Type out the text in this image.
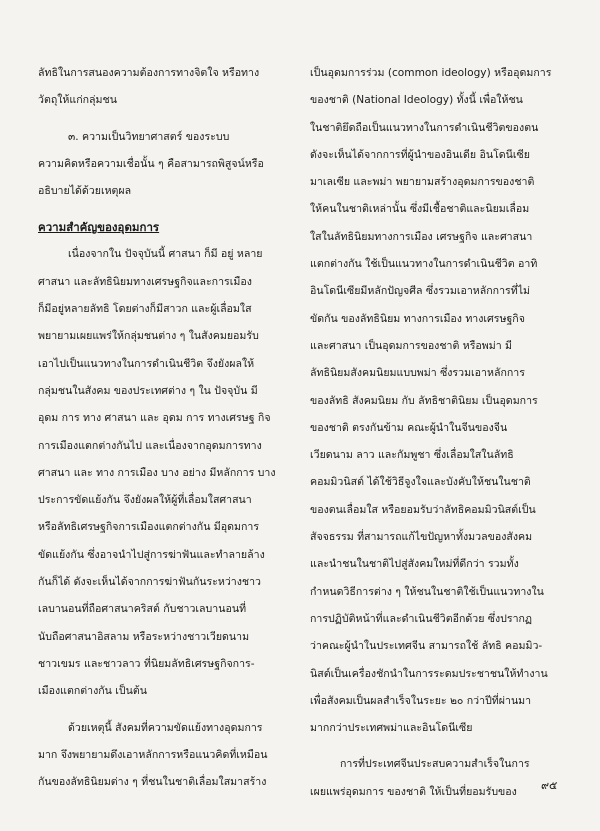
ลัทธิในการสนองความต้องการทางจิตใจ หรือทาง
วัตถุให้แก่กลุ่มชน
๓. ความเป็นวิทยาศาสตร์ ของระบบ
ความคิดหรือความเชื่อนั้น ๆ คือสามารถพิสูจน์หรือ
อธิบายได้ด้วยเหตุผล
ความสำคัญของอุดมการ
เนื่องจากใน ปัจจุบันนี้ ศาสนา ก็มี อยู่ หลาย
ศาสนา และลัทธินิยมทางเศรษฐกิจและการเมือง
ก็มีอยู่หลายลัทธิ โดยต่างก็มีสาวก และผู้เลื่อมใส
พยายามเผยแพร่ให้กลุ่มชนต่าง ๆ ในสังคมยอมรับ
เอาไปเป็นแนวทางในการดำเนินชีวิต จึงยังผลให้
กลุ่มชนในสังคม ของประเทศต่าง ๆ ใน ปัจจุบัน มี
อุดม การ ทาง ศาสนา และ อุดม การ ทางเศรษฐ กิจ
การเมืองแตกต่างกันไป และเนื่องจากอุดมการทาง
ศาสนา และ ทาง การเมือง บาง อย่าง มีหลักการ บาง
ประการขัดแย้งกัน จึงยังผลให้ผู้ที่เลื่อมใสศาสนา
หรือลัทธิเศรษฐกิจการเมืองแตกต่างกัน มีอุดมการ
ขัดแย้งกัน ซึ่งอาจนำไปสู่การฆ่าฟันและทำลายล้าง
กันก็ได้ ดังจะเห็นได้จากการฆ่าฟันกันระหว่างชาว
เลบานอนที่ถือศาสนาคริสต์ กับชาวเลบานอนที่
นับถือศาสนาอิสลาม หรือระหว่างชาวเวียดนาม
ชาวเขมร และชาวลาว ที่นิยมลัทธิเศรษฐกิจการ-
เมืองแตกต่างกัน เป็นต้น
ด้วยเหตุนี้ สังคมที่ความขัดแย้งทางอุดมการ
มาก จึงพยายามดึงเอาหลักการหรือแนวคิดที่เหมือน
กันของลัทธินิยมต่าง ๆ ที่ชนในชาติเลื่อมใสมาสร้าง
เป็นอุดมการร่วม (common ideology) หรืออุดมการ
ของชาติ (National Ideology) ทั้งนี้ เพื่อให้ชน
ในชาติยึดถือเป็นแนวทางในการดำเนินชีวิตของตน
ดังจะเห็นได้จากการที่ผู้นำของอินเดีย อินโดนีเซีย
มาเลเซีย และพม่า พยายามสร้างอุดมการของชาติ
ให้คนในชาติเหล่านั้น ซึ่งมีเชื้อชาติและนิยมเลื่อม
ใสในลัทธินิยมทางการเมือง เศรษฐกิจ และศาสนา
แตกต่างกัน ใช้เป็นแนวทางในการดำเนินชีวิต อาทิ
อินโดนีเซียมีหลักปัญจศีล ซึ่งรวมเอาหลักการที่ไม่
ขัดกัน ของลัทธินิยม ทางการเมือง ทางเศรษฐกิจ
และศาสนา เป็นอุดมการของชาติ หรือพม่า มี
ลัทธินิยมสังคมนิยมแบบพม่า ซึ่งรวมเอาหลักการ
ของลัทธิ สังคมนิยม กับ ลัทธิชาตินิยม เป็นอุดมการ
ของชาติ ตรงกันข้าม คณะผู้นำในจีนของจีน
เวียดนาม ลาว และกัมพูชา ซึ่งเลื่อมใสในลัทธิ
คอมมิวนิสต์ ได้ใช้วิธีจูงใจและบังคับให้ชนในชาติ
ของตนเลื่อมใส หรือยอมรับว่าลัทธิคอมมิวนิสต์เป็น
สัจจธรรม ที่สามารถแก้ไขปัญหาทั้งมวลของสังคม
และนำชนในชาติไปสู่สังคมใหม่ที่ดีกว่า รวมทั้ง
กำหนดวิธีการต่าง ๆ ให้ชนในชาติใช้เป็นแนวทางใน
การปฏิบัติหน้าที่และดำเนินชีวิตอีกด้วย ซึ่งปรากฏ
ว่าคณะผู้นำในประเทศจีน สามารถใช้ ลัทธิ คอมมิว-
นิสต์เป็นเครื่องชักนำในการระดมประชาชนให้ทำงาน
เพื่อสังคมเป็นผลสำเร็จในระยะ ๒๐ กว่าปีที่ผ่านมา
มากกว่าประเทศพม่าและอินโดนีเซีย
การที่ประเทศจีนประสบความสำเร็จในการ
เผยแพร่อุดมการ ของชาติ ให้เป็นที่ยอมรับของ	๙๕
